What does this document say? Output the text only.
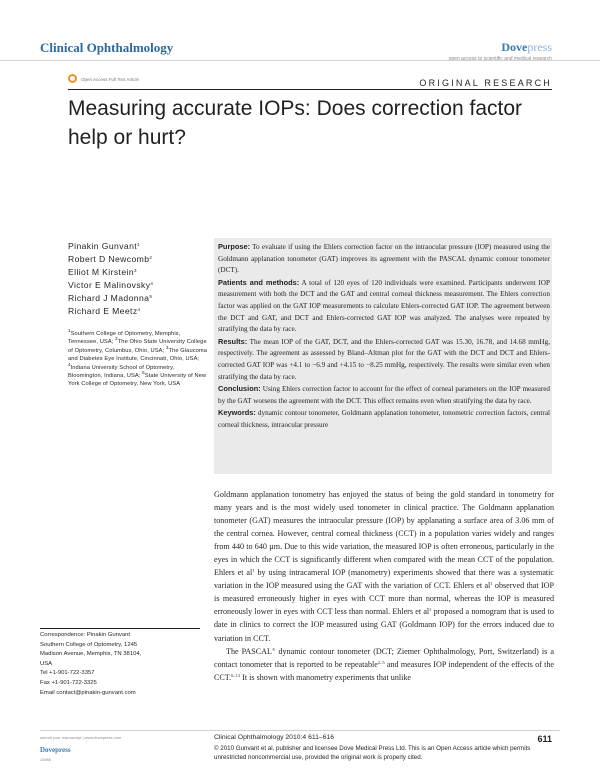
Clinical Ophthalmology	Dovepress
open access to scientific and medical research
Open Access Full Text Article	ORIGINAL RESEARCH
Measuring accurate IOPs: Does correction factor help or hurt?
Pinakin Gunvant$^1$
Robert D Newcomb$^2$
Elliot M Kirstein$^3$
Victor E Malinovsky$^4$
Richard J Madonna$^5$
Richard E Meetz$^4$
$^1$Southern College of Optometry, Memphis, Tennessee, USA; $^2$The Ohio State University College of Optometry, Columbus, Ohio, USA; $^3$The Glaucoma and Diabetes Eye Institute, Cincinnati, Ohio, USA; $^4$Indiana University School of Optometry, Bloomington, Indiana, USA; $^5$State University of New York College of Optometry, New York, USA

Purpose: To evaluate if using the Ehlers correction factor on the intraocular pressure (IOP) measured using the Goldmann applanation tonometer (GAT) improves its agreement with the PASCAL dynamic contour tonometer (DCT).

Patients and methods: A total of 120 eyes of 120 individuals were examined. Participants underwent IOP measurement with both the DCT and the GAT and central corneal thickness measurement. The Ehlers correction factor was applied on the GAT IOP measurements to calculate Ehlers-corrected GAT IOP. The agreement between the DCT and GAT, and DCT and Ehlers-corrected GAT IOP was analyzed. The analyses were repeated by stratifying the data by race.

Results: The mean IOP of the GAT, DCT, and the Ehlers-corrected GAT was 15.30, 16.78, and 14.68 mmHg, respectively. The agreement as assessed by Bland–Altman plot for the GAT with the DCT and DCT and Ehlers-corrected GAT IOP was +4.1 to −6.9 and +4.15 to −8.25 mmHg, respectively. The results were similar even when stratifying the data by race.

Conclusion: Using Ehlers correction factor to account for the effect of corneal parameters on the IOP measured by the GAT worsens the agreement with the DCT. This effect remains even when stratifying the data by race.

Keywords: dynamic contour tonometer, Goldmann applanation tonometer, tonometric correction factors, central corneal thickness, intraocular pressure

Goldmann applanation tonometry has enjoyed the status of being the gold standard in tonometry for many years and is the most widely used tonometer in clinical practice. The Goldmann applanation tonometer (GAT) measures the intraocular pressure (IOP) by applanating a surface area of 3.06 mm of the central cornea. However, central corneal thickness (CCT) in a population varies widely and ranges from 440 to 640 µm. Due to this wide variation, the measured IOP is often erroneous, particularly in the eyes in which the CCT is significantly different when compared with the mean CCT of the population. Ehlers et $al^1$ by using intracameral IOP (manometry) experiments showed that there was a systematic variation in the IOP measured using the GAT with the variation of CCT. Ehlers et $al^1$ observed that IOP is measured erroneously higher in eyes with CCT more than normal, whereas the IOP is measured erroneously lower in eyes with CCT less than normal. Ehlers et $al^1$ proposed a nomogram that is used to date in clinics to correct the IOP measured using GAT (Goldmann IOP) for the errors induced due to variation in CCT.

The PASCAL® dynamic contour tonometer (DCT; Ziemer Ophthalmology, Port, Switzerland) is a contact tonometer that is reported to be repeatable$^{2-5}$ and measures IOP independent of the effects of the CCT.$^{6-13}$ It is shown with manometry experiments that unlike

Correspondence: Pinakin Gunvant
Southern College of Optometry, 1245
Madison Avenue, Memphis, TN 38104,
USA
Tel +1-901-722-3357
Fax +1-901-722-3325
Email contact@pinakin-gunvant.com
submit your manuscript | www.dovepress.com
Dovepress
11086
Clinical Ophthalmology 2010:4 611–616
© 2010 Gunvant et al, publisher and licensee Dove Medical Press Ltd. This is an Open Access article which permits unrestricted noncommercial use, provided the original work is properly cited.
611
